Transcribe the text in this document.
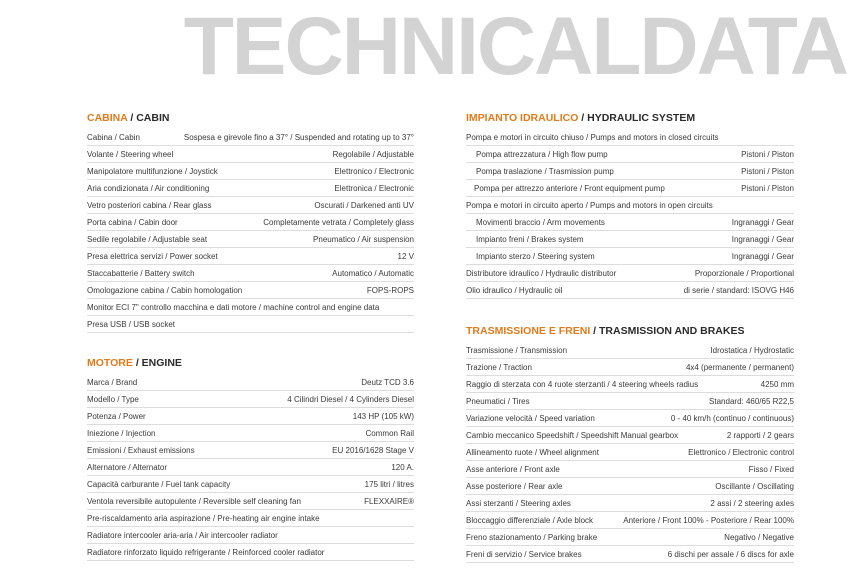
TECHNICALDATA
CABINA / CABIN
Cabina / Cabin	Sospesa e girevole fino a 37° / Suspended and rotating up to 37°
Volante / Steering wheel	Regolabile / Adjustable
Manipolatore multifunzione / Joystick	Elettronico / Electronic
Aria condizionata / Air conditioning	Elettronica / Electronic
Vetro posteriori cabina / Rear glass	Oscurati / Darkened anti UV
Porta cabina / Cabin door	Completamente vetrata / Completely glass
Sedile regolabile / Adjustable seat	Pneumatico / Air suspension
Presa elettrica servizi / Power socket	12 V
Staccabatterie / Battery switch	Automatico / Automatic
Omologazione cabina / Cabin homologation	FOPS-ROPS
Monitor ECI 7" controllo macchina e dati motore / machine control and engine data
Presa USB / USB socket
MOTORE / ENGINE
Marca / Brand	Deutz TCD 3.6
Modello / Type	4 Cilindri Diesel / 4 Cylinders Diesel
Potenza / Power	143 HP (105 kW)
Iniezione / Injection	Common Rail
Emissioni / Exhaust emissions	EU 2016/1628 Stage V
Alternatore / Alternator	120 A.
Capacità carburante / Fuel tank capacity	175 litri / litres
Ventola reversibile autopulente / Reversible self cleaning fan	FLEXXAIRE®
Pre-riscaldamento aria aspirazione / Pre-heating air engine intake
Radiatore intercooler aria-aria / Air intercooler radiator
Radiatore rinforzato liquido refrigerante / Reinforced cooler radiator
IMPIANTO IDRAULICO / HYDRAULIC SYSTEM
Pompa e motori in circuito chiuso / Pumps and motors in closed circuits
Pompa attrezzatura / High flow pump	Pistoni / Piston
Pompa traslazione / Trasmission pump	Pistoni / Piston
Pompa per attrezzo anteriore / Front equipment pump	Pistoni / Piston
Pompa e motori in circuito aperto / Pumps and motors in open circuits
Movimenti braccio / Arm movements	Ingranaggi / Gear
Impianto freni / Brakes system	Ingranaggi / Gear
Impianto sterzo / Steering system	Ingranaggi / Gear
Distributore idraulico / Hydraulic distributor	Proporzionale / Proportional
Olio idraulico / Hydraulic oil	di serie / standard: ISOVG H46
TRASMISSIONE E FRENI / TRASMISSION AND BRAKES
Trasmissione / Transmission	Idrostatica / Hydrostatic
Trazione / Traction	4x4 (permanente / permanent)
Raggio di sterzata con 4 ruote sterzanti / 4 steering wheels radius	4250 mm
Pneumatici / Tires	Standard: 460/65 R22,5
Variazione velocità / Speed variation	0 - 40 km/h (continuo / continuous)
Cambio meccanico Speedshift / Speedshift Manual gearbox	2 rapporti / 2 gears
Allineamento ruote / Wheel alignment	Elettronico / Electronic control
Asse anteriore / Front axle	Fisso / Fixed
Asse posteriore / Rear axle	Oscillante / Oscillating
Assi sterzanti / Steering axles	2 assi / 2 steering axles
Bloccaggio differenziale / Axle block	Anteriore / Front 100% - Posteriore / Rear 100%
Freno stazionamento / Parking brake	Negativo / Negative
Freni di servizio / Service brakes	6 dischi per assale / 6 discs for axle
